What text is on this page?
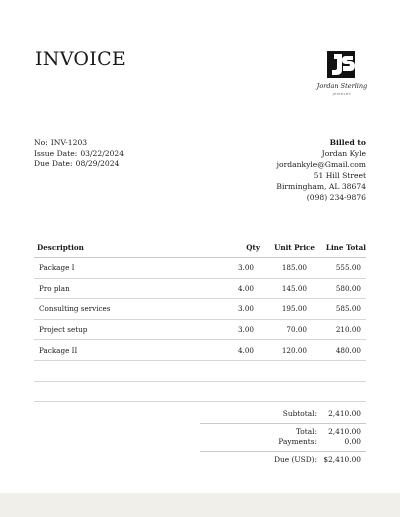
INVOICE
Jordan Sterling
JEWELRY
No: INV-1203
Issue Date: 03/22/2024
Due Date: 08/29/2024
Billed to
Jordan Kyle
jordankyle@Gmail.com
51 Hill Street
Birmingham, AL 38674
(098) 234-9876
Description	Qty	Unit Price	Line Total
Package I	3.00	185.00	555.00
Pro plan	4.00	145.00	580.00
Consulting services	3.00	195.00	585.00
Project setup	3.00	70.00	210.00
Package II	4.00	120.00	480.00

Subtotal:	2,410.00
Total:	2,410.00
Payments:	0.00
Due (USD): $2,410.00
